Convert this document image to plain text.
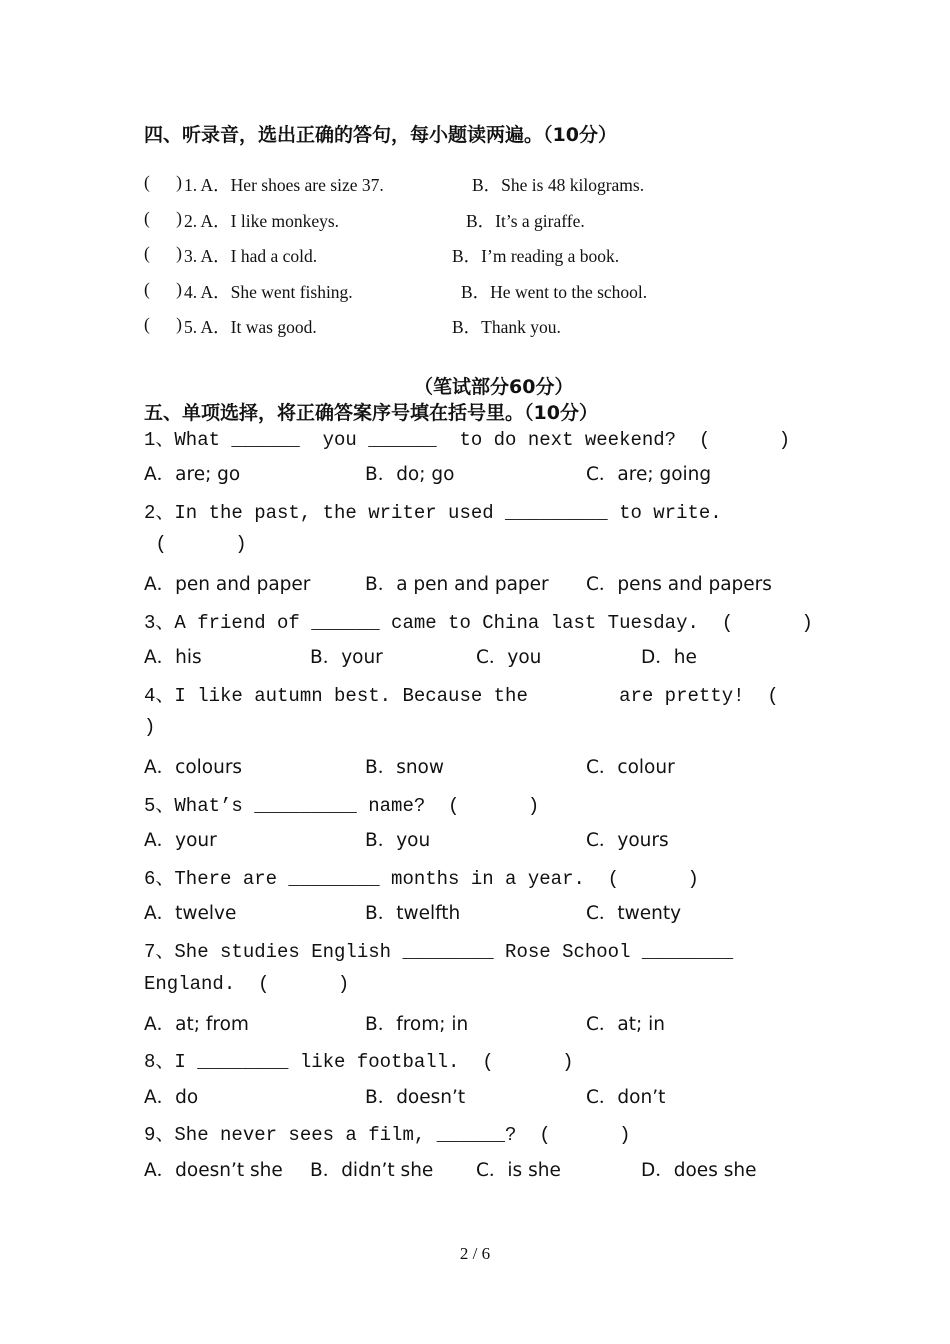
四、听录音，选出正确的答句，每小题读两遍。（10分）
(      ) 1. A．Her shoes are size 37.	B．She is 48 kilograms.
(      ) 2. A．I like monkeys.	B．It’s a giraffe.
(      ) 3. A．I had a cold.	B．I’m reading a book.
(      ) 4. A．She went fishing.	B．He went to the school.
(      ) 5. A．It was good.	B．Thank you.
（笔试部分60分）
五、单项选择，将正确答案序号填在括号里。（10分）
1、What ______  you ______  to do next weekend?  (      )
A．are; go	B．do; go	C．are; going
2、In the past, the writer used _________ to write.
(      )
A．pen and paper	B．a pen and paper C．pens and papers
3、A friend of ______ came to China last Tuesday.  (      )
A．his	B．your	C．you	D．he
4、I like autumn best. Because the        are pretty!  (
)
A．colours	B．snow	C．colour
5、What’s _________ name?  (      )
A．your	B．you	C．yours
6、There are ________ months in a year.  (      )
A．twelve	B．twelfth	C．twenty
7、She studies English ________ Rose School ________
England.  (      )
A．at; from	B．from; in	C．at; in
8、I ________ like football.  (      )
A．do	B．doesn’t	C．don’t
9、She never sees a film, ______?  (      )
A．doesn’t she B．didn’t she C．is she	D．does she
2 / 6
